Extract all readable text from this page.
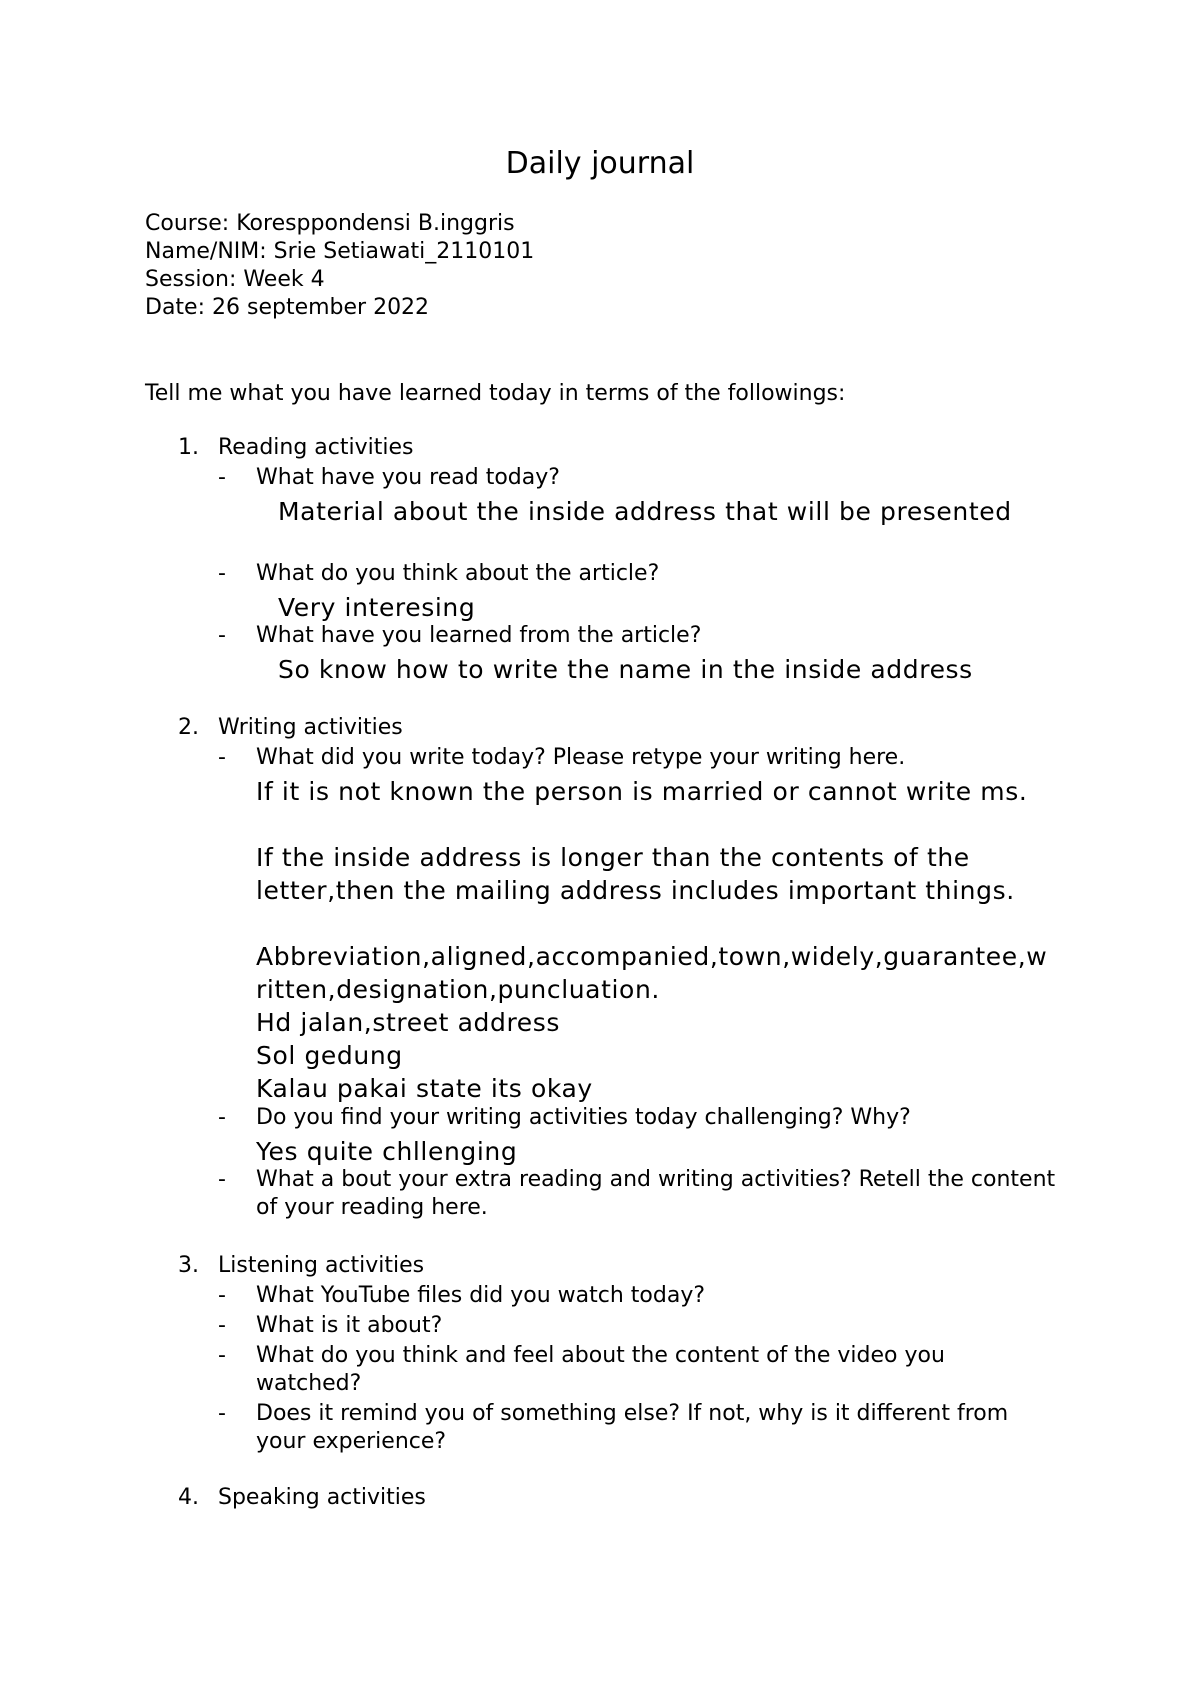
Daily journal
Course: Koresppondensi B.inggris
Name/NIM: Srie Setiawati_2110101
Session: Week 4
Date: 26 september 2022
Tell me what you have learned today in terms of the followings:
1. Reading activities
- What have you read today?
Material about the inside address that will be presented
- What do you think about the article?
Very interesing
- What have you learned from the article?
So know how to write the name in the inside address
2. Writing activities
- What did you write today? Please retype your writing here.
If it is not known the person is married or cannot write ms.
If the inside address is longer than the contents of the letter,then the mailing address includes important things.
Abbreviation,aligned,accompanied,town,widely,guarantee,written,designation,puncluation.
Hd jalan,street address
Sol gedung
Kalau pakai state its okay
- Do you find your writing activities today challenging? Why?
Yes quite chllenging
- What a bout your extra reading and writing activities? Retell the content of your reading here.
3. Listening activities
- What YouTube files did you watch today?
- What is it about?
- What do you think and feel about the content of the video you watched?
- Does it remind you of something else? If not, why is it different from your experience?
4. Speaking activities
